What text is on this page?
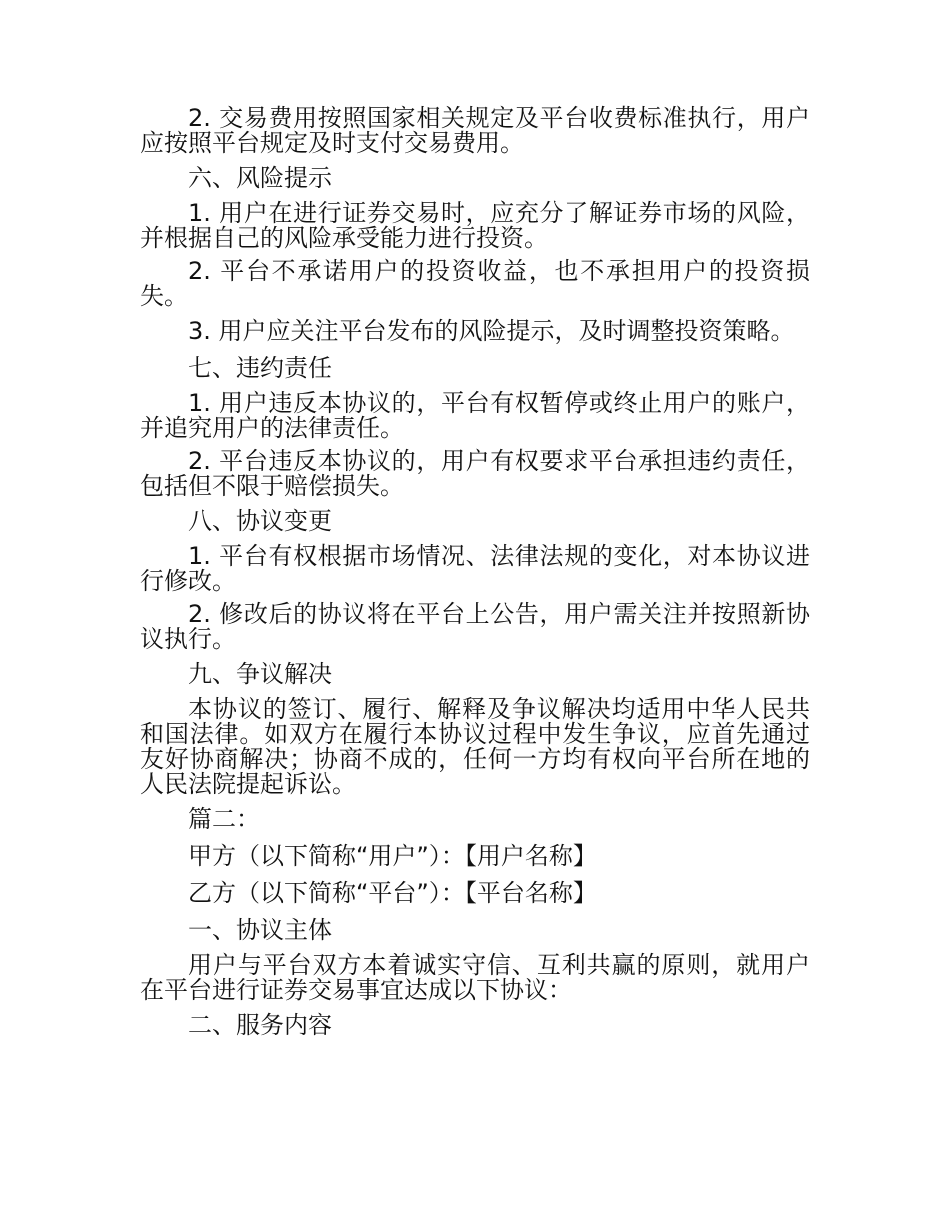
2. 交易费用按照国家相关规定及平台收费标准执行，用户应按照平台规定及时支付交易费用。

六、风险提示

1. 用户在进行证券交易时，应充分了解证券市场的风险，并根据自己的风险承受能力进行投资。

2. 平台不承诺用户的投资收益，也不承担用户的投资损失。

3. 用户应关注平台发布的风险提示，及时调整投资策略。

七、违约责任

1. 用户违反本协议的，平台有权暂停或终止用户的账户，并追究用户的法律责任。

2. 平台违反本协议的，用户有权要求平台承担违约责任，包括但不限于赔偿损失。

八、协议变更

1. 平台有权根据市场情况、法律法规的变化，对本协议进行修改。

2. 修改后的协议将在平台上公告，用户需关注并按照新协议执行。

九、争议解决

本协议的签订、履行、解释及争议解决均适用中华人民共和国法律。如双方在履行本协议过程中发生争议，应首先通过友好协商解决；协商不成的，任何一方均有权向平台所在地的人民法院提起诉讼。

篇二：

甲方（以下简称“用户”）：【用户名称】

乙方（以下简称“平台”）：【平台名称】

一、协议主体

用户与平台双方本着诚实守信、互利共赢的原则，就用户在平台进行证券交易事宜达成以下协议：

二、服务内容
